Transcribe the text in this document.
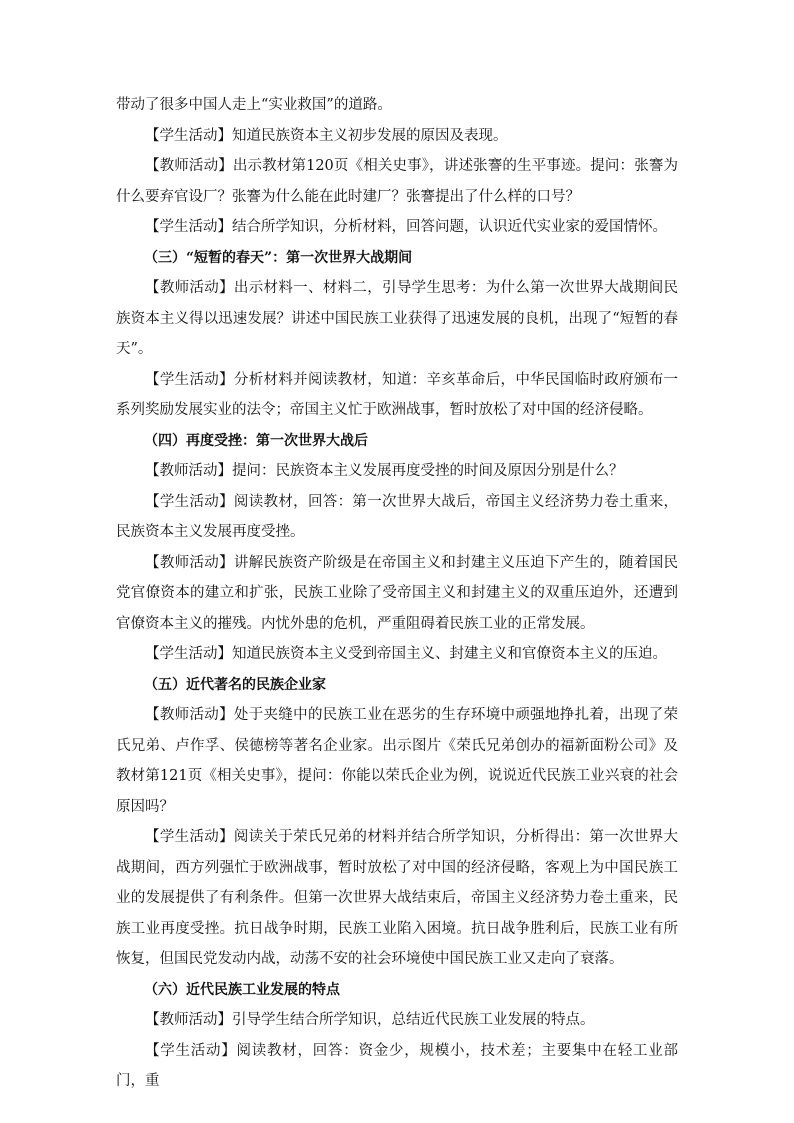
带动了很多中国人走上“实业救国”的道路。

【学生活动】知道民族资本主义初步发展的原因及表现。

【教师活动】出示教材第120页《相关史事》，讲述张謇的生平事迹。提问：张謇为什么要弃官设厂？张謇为什么能在此时建厂？张謇提出了什么样的口号？

【学生活动】结合所学知识，分析材料，回答问题，认识近代实业家的爱国情怀。

（三）“短暂的春天”：第一次世界大战期间

【教师活动】出示材料一、材料二，引导学生思考：为什么第一次世界大战期间民族资本主义得以迅速发展？讲述中国民族工业获得了迅速发展的良机，出现了“短暂的春天”。

【学生活动】分析材料并阅读教材，知道：辛亥革命后，中华民国临时政府颁布一系列奖励发展实业的法令；帝国主义忙于欧洲战事，暂时放松了对中国的经济侵略。

（四）再度受挫：第一次世界大战后

【教师活动】提问：民族资本主义发展再度受挫的时间及原因分别是什么？

【学生活动】阅读教材，回答：第一次世界大战后，帝国主义经济势力卷土重来，民族资本主义发展再度受挫。

【教师活动】讲解民族资产阶级是在帝国主义和封建主义压迫下产生的，随着国民党官僚资本的建立和扩张，民族工业除了受帝国主义和封建主义的双重压迫外，还遭到官僚资本主义的摧残。内忧外患的危机，严重阻碍着民族工业的正常发展。

【学生活动】知道民族资本主义受到帝国主义、封建主义和官僚资本主义的压迫。

（五）近代著名的民族企业家

【教师活动】处于夹缝中的民族工业在恶劣的生存环境中顽强地挣扎着，出现了荣氏兄弟、卢作孚、侯德榜等著名企业家。出示图片《荣氏兄弟创办的福新面粉公司》及教材第121页《相关史事》，提问：你能以荣氏企业为例，说说近代民族工业兴衰的社会原因吗？

【学生活动】阅读关于荣氏兄弟的材料并结合所学知识，分析得出：第一次世界大战期间，西方列强忙于欧洲战事，暂时放松了对中国的经济侵略，客观上为中国民族工业的发展提供了有利条件。但第一次世界大战结束后，帝国主义经济势力卷土重来，民族工业再度受挫。抗日战争时期，民族工业陷入困境。抗日战争胜利后，民族工业有所恢复，但国民党发动内战，动荡不安的社会环境使中国民族工业又走向了衰落。

（六）近代民族工业发展的特点

【教师活动】引导学生结合所学知识，总结近代民族工业发展的特点。

【学生活动】阅读教材，回答：资金少，规模小，技术差；主要集中在轻工业部门，重
